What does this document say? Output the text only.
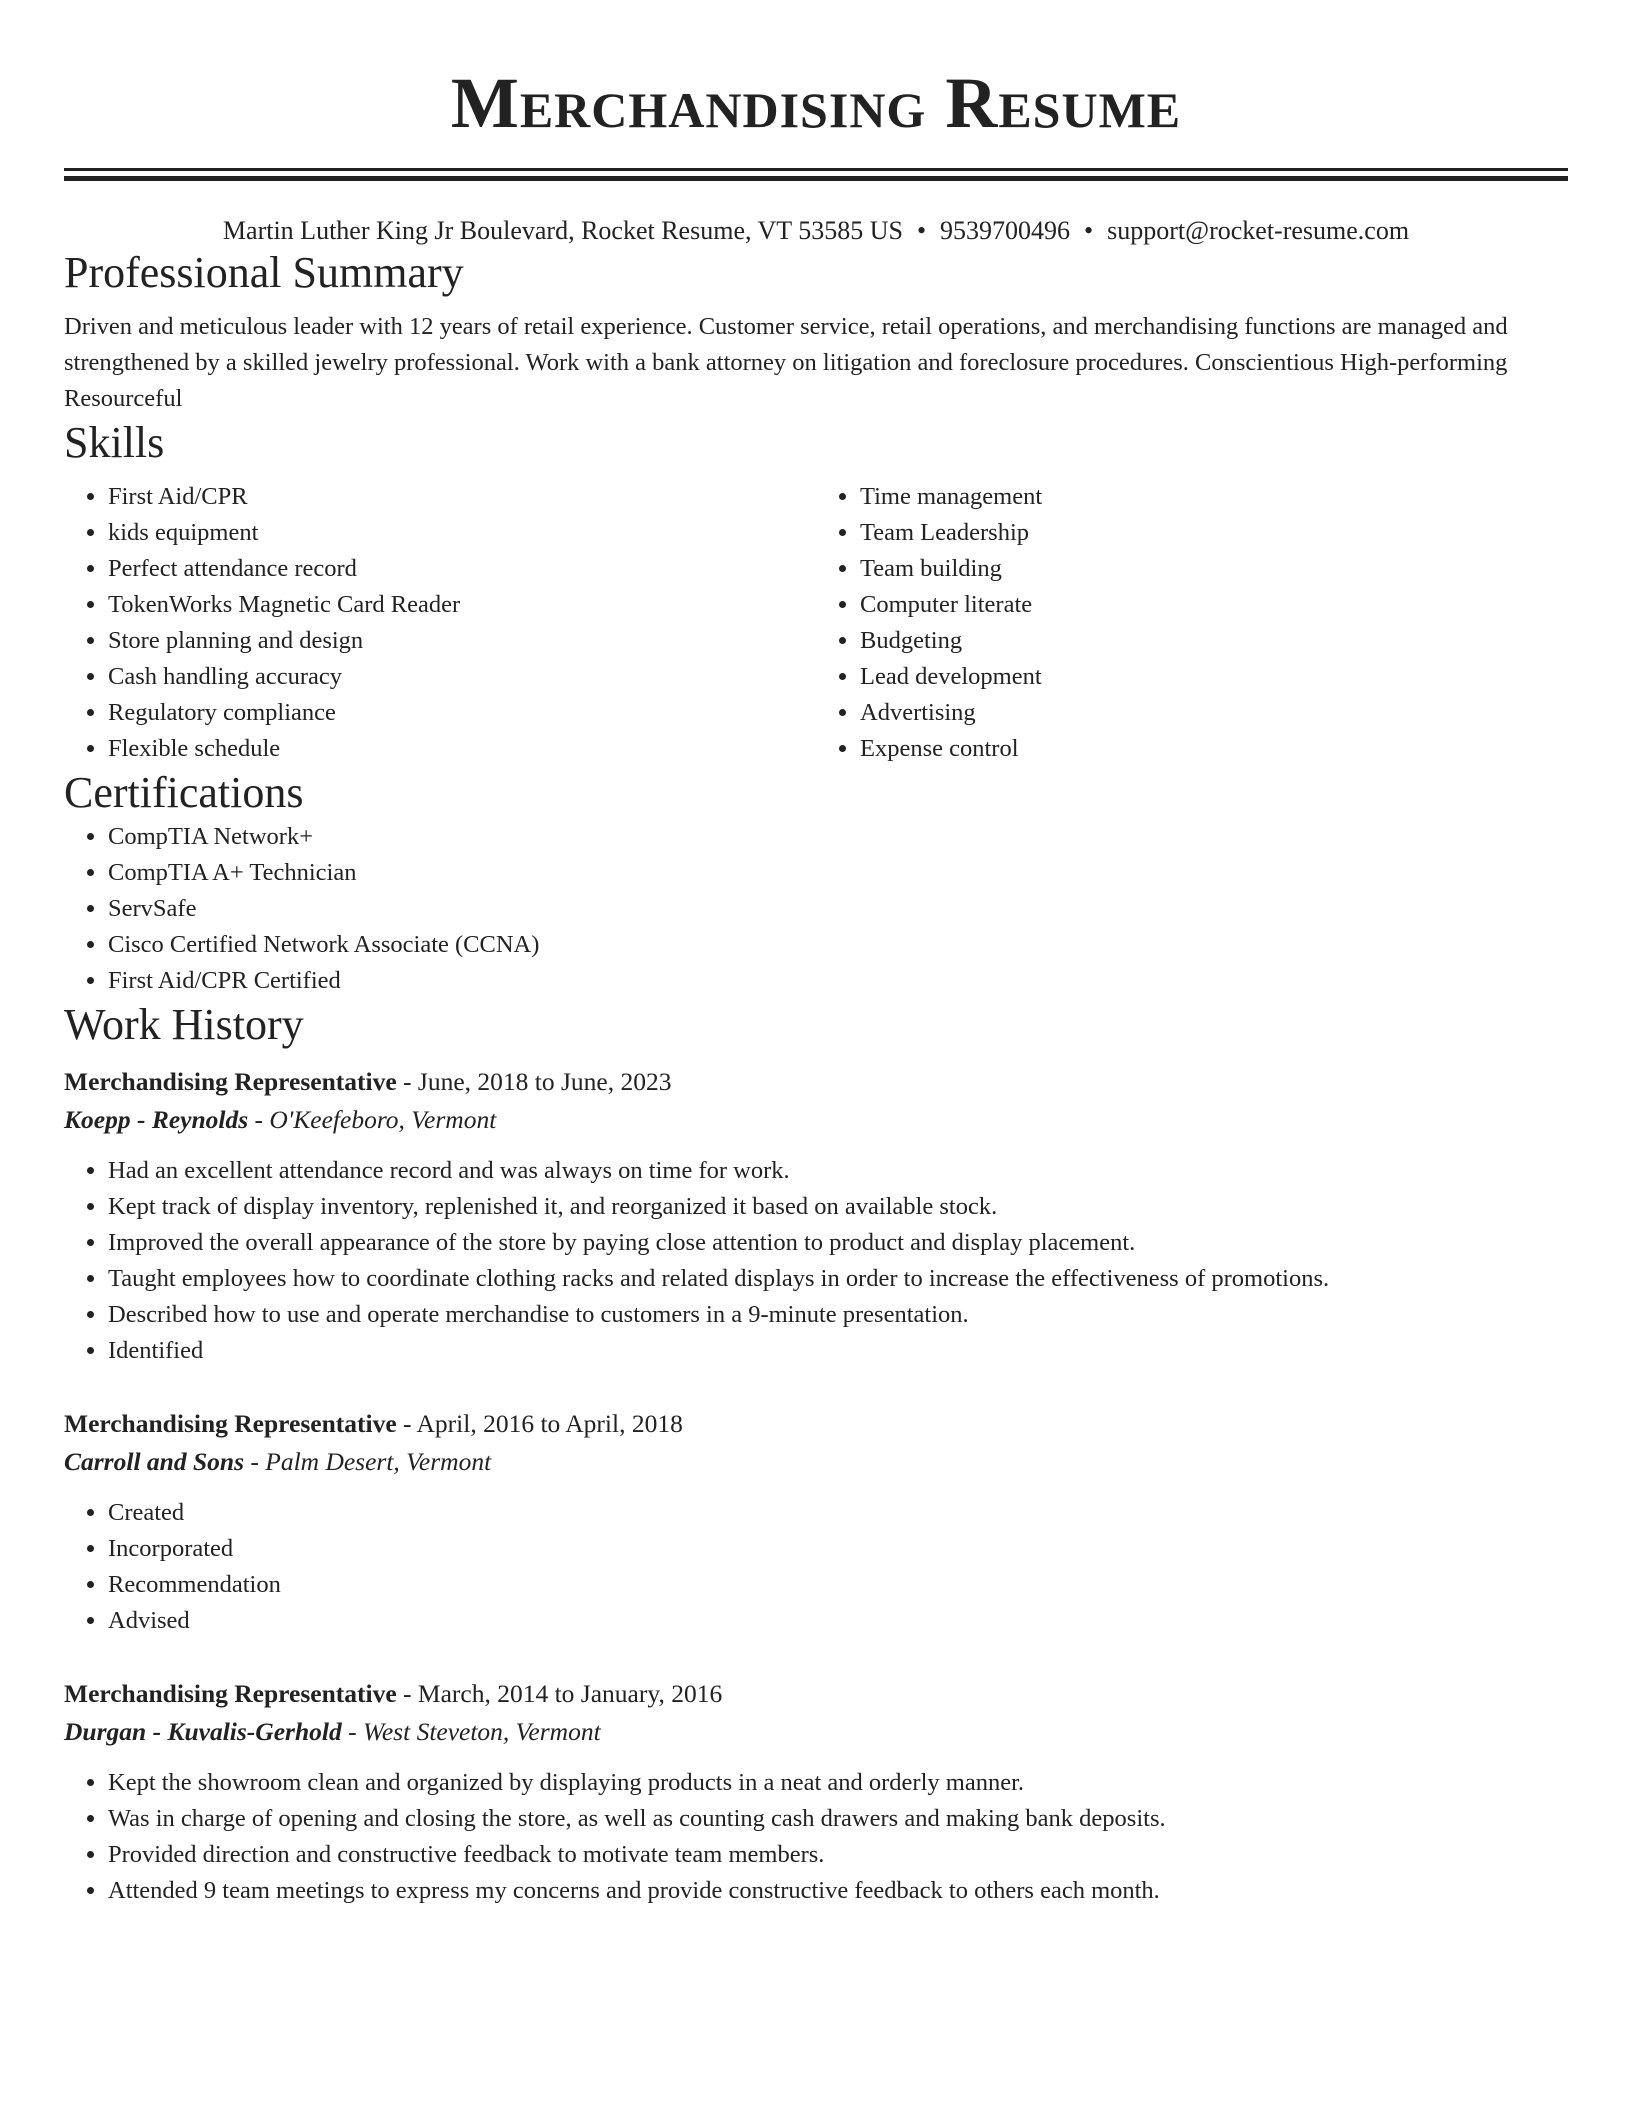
Merchandising Resume
Martin Luther King Jr Boulevard, Rocket Resume, VT 53585 US • 9539700496 • support@rocket-resume.com
Professional Summary

Driven and meticulous leader with 12 years of retail experience. Customer service, retail operations, and merchandising functions are managed and strengthened by a skilled jewelry professional. Work with a bank attorney on litigation and foreclosure procedures. Conscientious High-performing Resourceful

Skills
• First Aid/CPR
• kids equipment
• Perfect attendance record
• TokenWorks Magnetic Card Reader
• Store planning and design
• Cash handling accuracy
• Regulatory compliance
• Flexible schedule
• Time management
• Team Leadership
• Team building
• Computer literate
• Budgeting
• Lead development
• Advertising
• Expense control
Certifications
• CompTIA Network+
• CompTIA A+ Technician
• ServSafe
• Cisco Certified Network Associate (CCNA)
• First Aid/CPR Certified
Work History
Merchandising Representative - June, 2018 to June, 2023
Koepp - Reynolds - O'Keefeboro, Vermont
• Had an excellent attendance record and was always on time for work.
• Kept track of display inventory, replenished it, and reorganized it based on available stock.
• Improved the overall appearance of the store by paying close attention to product and display placement.
• Taught employees how to coordinate clothing racks and related displays in order to increase the effectiveness of promotions.
• Described how to use and operate merchandise to customers in a 9-minute presentation.
• Identified
Merchandising Representative - April, 2016 to April, 2018
Carroll and Sons - Palm Desert, Vermont
• Created
• Incorporated
• Recommendation
• Advised
Merchandising Representative - March, 2014 to January, 2016
Durgan - Kuvalis-Gerhold - West Steveton, Vermont
• Kept the showroom clean and organized by displaying products in a neat and orderly manner.
• Was in charge of opening and closing the store, as well as counting cash drawers and making bank deposits.
• Provided direction and constructive feedback to motivate team members.
• Attended 9 team meetings to express my concerns and provide constructive feedback to others each month.
